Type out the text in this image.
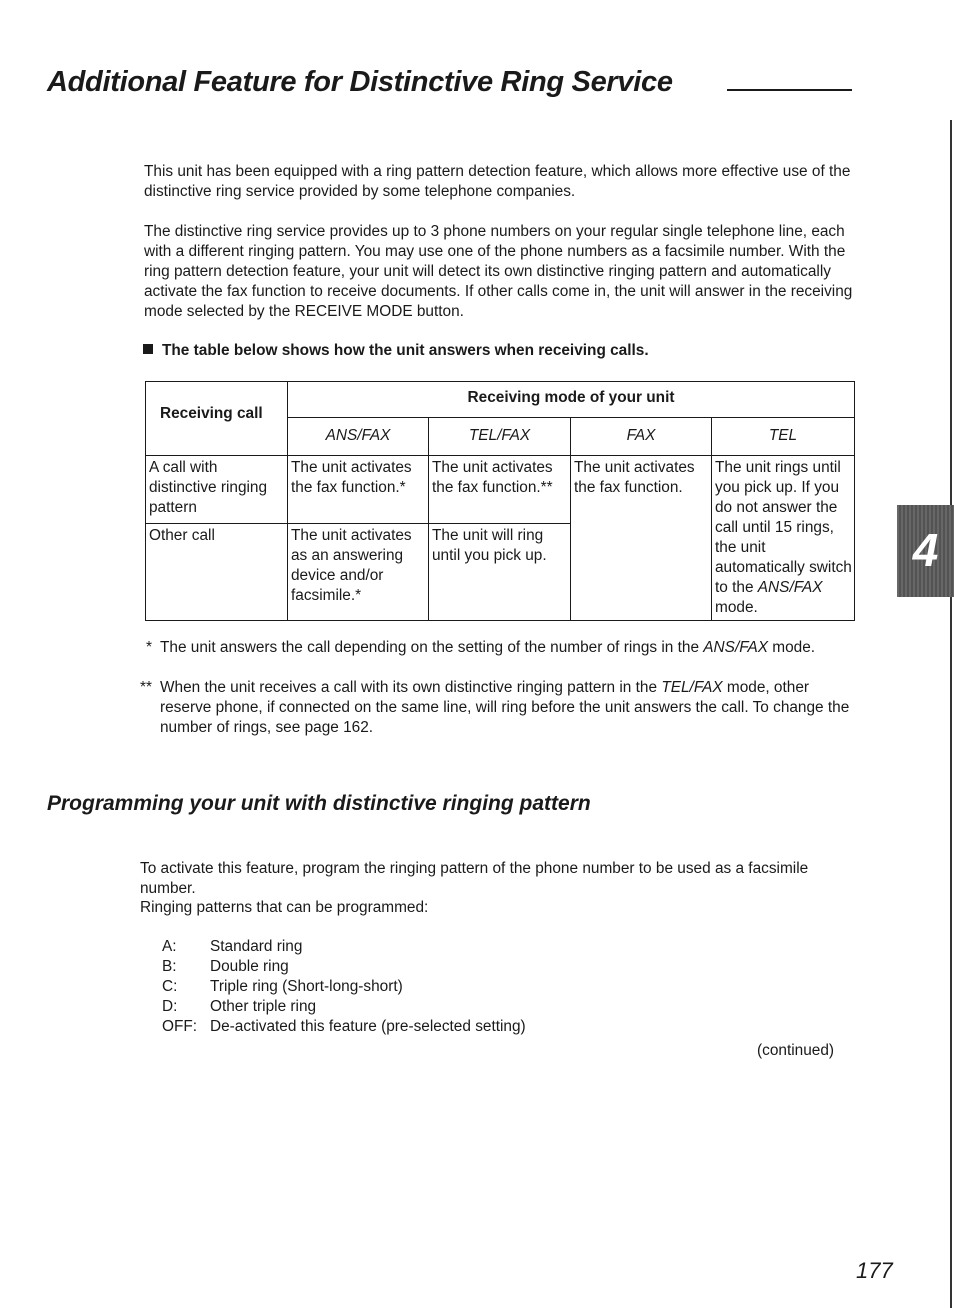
Additional Feature for Distinctive Ring Service

This unit has been equipped with a ring pattern detection feature, which allows more effective use of the distinctive ring service provided by some telephone companies.

The distinctive ring service provides up to 3 phone numbers on your regular single telephone line, each with a different ringing pattern. You may use one of the phone numbers as a facsimile number. With the ring pattern detection feature, your unit will detect its own distinctive ringing pattern and automatically activate the fax function to receive documents. If other calls come in, the unit will answer in the receiving mode selected by the RECEIVE MODE button.

The table below shows how the unit answers when receiving calls.

Receiving call	Receiving mode of your unit			
	ANS/FAX	TEL/FAX	FAX	TEL
A call with distinctive ringing pattern	The unit activates the fax function.*	The unit activates the fax function.**	The unit activates the fax function.	The unit rings until you pick up. If you do not answer the call until 15 rings, the unit automatically switch to the ANS/FAX mode.
Other call	The unit activates as an answering device and/or facsimile.*	The unit will ring until you pick up.		

* The unit answers the call depending on the setting of the number of rings in the ANS/FAX mode.

** When the unit receives a call with its own distinctive ringing pattern in the TEL/FAX mode, other reserve phone, if connected on the same line, will ring before the unit answers the call. To change the number of rings, see page 162.

Programming your unit with distinctive ringing pattern

To activate this feature, program the ringing pattern of the phone number to be used as a facsimile number.

Ringing patterns that can be programmed:

A: Standard ring
B: Double ring
C: Triple ring (Short-long-short)
D: Other triple ring
OFF: De-activated this feature (pre-selected setting)

(continued)

4

177
